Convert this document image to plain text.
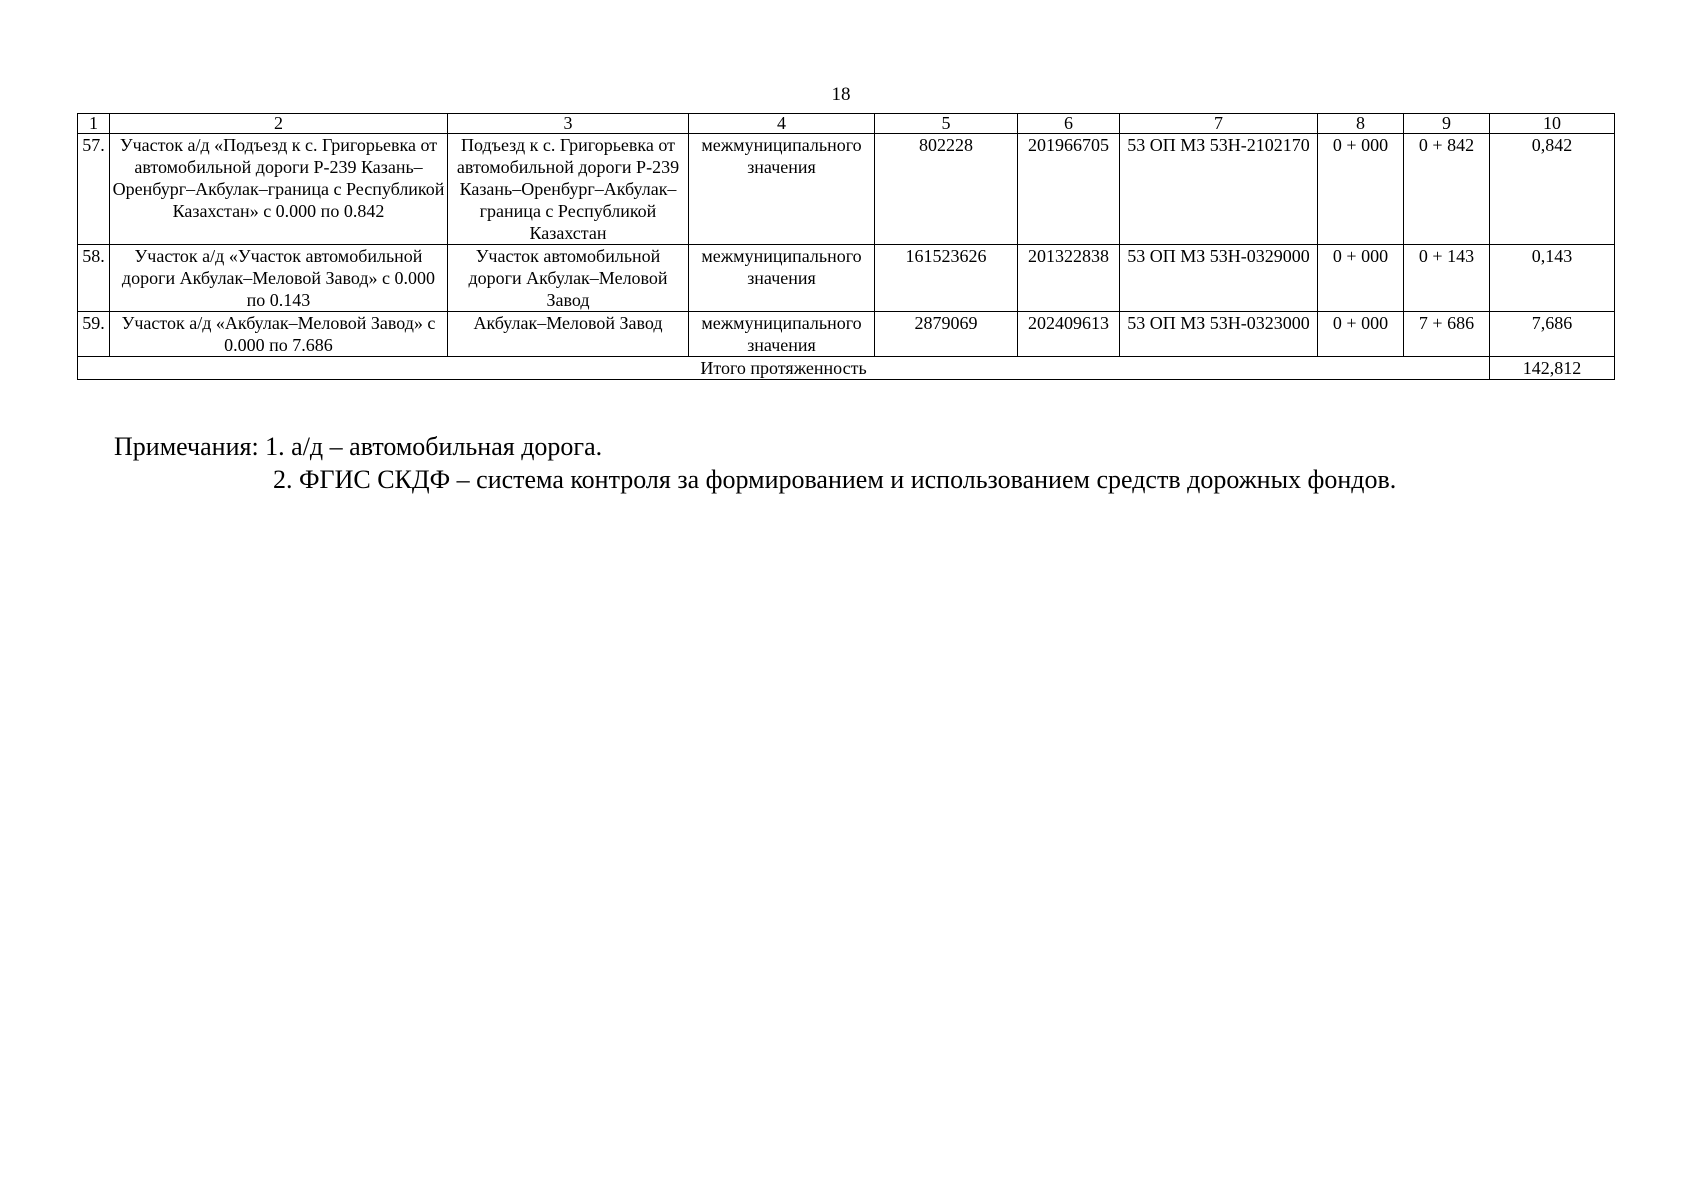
18
1	2	3	4	5	6	7	8	9	10
57.	Участок а/д «Подъезд к с. Григорьевка от автомобильной дороги Р-239 Казань–Оренбург–Акбулак–граница с Республикой Казахстан» с 0.000 по 0.842	Подъезд к с. Григорьевка от автомобильной дороги Р-239 Казань–Оренбург–Акбулак–граница с Республикой Казахстан	межмуниципального значения	802228	201966705	53 ОП МЗ 53Н-2102170	0 + 000	0 + 842	0,842
58.	Участок а/д «Участок автомобильной дороги Акбулак–Меловой Завод» с 0.000 по 0.143	Участок автомобильной дороги Акбулак–Меловой Завод	межмуниципального значения	161523626	201322838	53 ОП МЗ 53Н-0329000	0 + 000	0 + 143	0,143
59.	Участок а/д «Акбулак–Меловой Завод» с 0.000 по 7.686	Акбулак–Меловой Завод	межмуниципального значения	2879069	202409613	53 ОП МЗ 53Н-0323000	0 + 000	7 + 686	7,686
Итого протяженность									142,812
Примечания: 1. а/д – автомобильная дорога.
2. ФГИС СКДФ – система контроля за формированием и использованием средств дорожных фондов.
